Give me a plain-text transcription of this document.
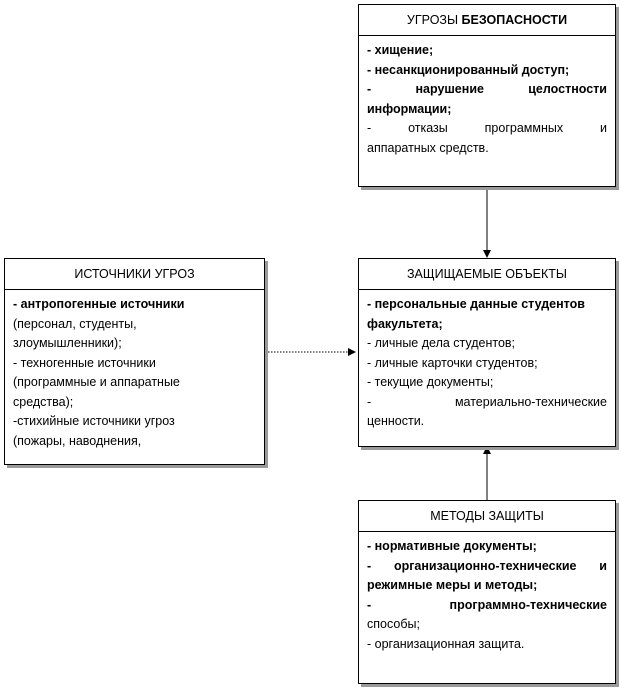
УГРОЗЫ БЕЗОПАСНОСТИ
- хищение;
- несанкционированный доступ;
-	нарушение	целостности
информации;
-	отказы	программных	и
аппаратных средств.
ИСТОЧНИКИ УГРОЗ
- антропогенные источники
(персонал, студенты,
злоумышленники);
- техногенные источники
(программные и аппаратные
средства);
-стихийные источники угроз
(пожары, наводнения,
ЗАЩИЩАЕМЫЕ ОБЪЕКТЫ
- персональные данные студентов
факультета;
- личные дела студентов;
- личные карточки студентов;
- текущие документы;
-	материально-технические
ценности.
МЕТОДЫ ЗАЩИТЫ
- нормативные документы;
- организационно-технические и
режимные меры и методы;
-	программно-технические
способы;
- организационная защита.
